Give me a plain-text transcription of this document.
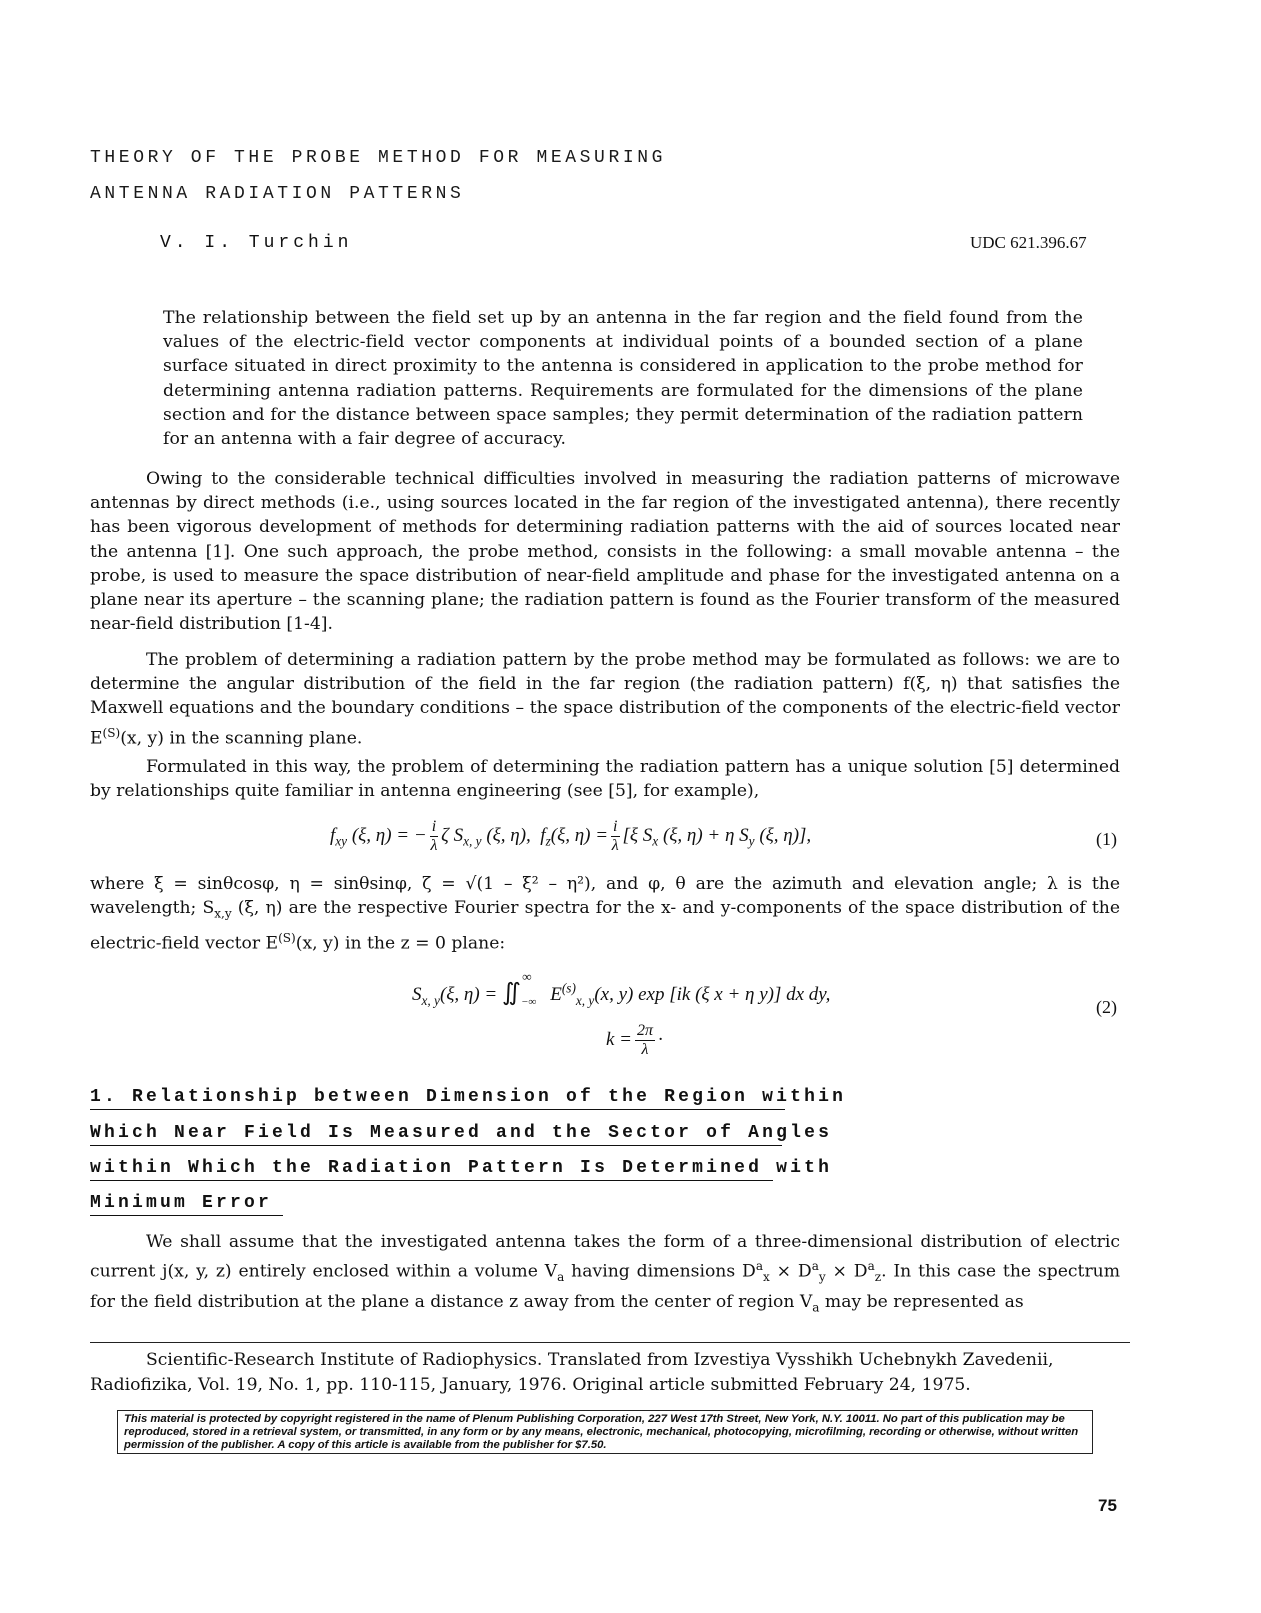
THEORY OF THE PROBE METHOD FOR MEASURING
ANTENNA RADIATION PATTERNS
V. I. Turchin	UDC 621.396.67
The relationship between the field set up by an antenna in the far region and the field found from the values of the electric-field vector components at individual points of a bounded section of a plane surface situated in direct proximity to the antenna is considered in application to the probe method for determining antenna radiation patterns. Requirements are formulated for the dimensions of the plane section and for the distance between space samples; they permit determination of the radiation pattern for an antenna with a fair degree of accuracy.

Owing to the considerable technical difficulties involved in measuring the radiation patterns of microwave antennas by direct methods (i.e., using sources located in the far region of the investigated antenna), there recently has been vigorous development of methods for determining radiation patterns with the aid of sources located near the antenna [1]. One such approach, the probe method, consists in the following: a small movable antenna – the probe, is used to measure the space distribution of near-field amplitude and phase for the investigated antenna on a plane near its aperture – the scanning plane; the radiation pattern is found as the Fourier transform of the measured near-field distribution [1-4].

The problem of determining a radiation pattern by the probe method may be formulated as follows: we are to determine the angular distribution of the field in the far region (the radiation pattern) f(ξ, η) that satisfies the Maxwell equations and the boundary conditions – the space distribution of the components of the electric-field vector $E^{(S)}(x$, y) in the scanning plane.

Formulated in this way, the problem of determining the radiation pattern has a unique solution [5] determined by relationships quite familiar in antenna engineering (see [5], for example),

$f_{xy}$ (ξ, η) = − $\frac{i}{\lambda}$ ζ $S_{x, y}$ (ξ, η),  $f_z(\xi$, $\eta) = \frac{i}{\lambda} [\xi$ $S_x$ (ξ, η) + η $S_y$ (ξ, η)],	(1)
where ξ = sinθcosφ, η = sinθsinφ, ζ = √(1 – ξ² – η²), and φ, θ are the azimuth and elevation angle; λ is the wavelength; $S_{x,y}$ (ξ, η) are the respective Fourier spectra for the x- and y-components of the space distribution of the electric-field vector $E^{(S)}(x$, y) in the z = 0 plane:
$S_{x, y}(\xi$, $\eta) = ∬_{-\infty}^\infty$ $E^{(s)}_{x, y}(x$, y) exp [ik (ξ x + η y)] dx dy,
$k = \frac{2\pi}{\lambda}$ ·
(2)
1. Relationship between Dimension of the Region within
Which Near Field Is Measured and the Sector of Angles
within Which the Radiation Pattern Is Determined with
Minimum Error

We shall assume that the investigated antenna takes the form of a three-dimensional distribution of electric current j(x, y, z) entirely enclosed within a volume $V_a$ having dimensions $D^a_x \times D^a_y \times D^a_z$. In this case the spectrum for the field distribution at the plane a distance z away from the center of region $V_a$ may be represented as

Scientific-Research Institute of Radiophysics. Translated from Izvestiya Vysshikh Uchebnykh Zavedenii,

Radiofizika, Vol. 19, No. 1, pp. 110-115, January, 1976. Original article submitted February 24, 1975.

This material is protected by copyright registered in the name of Plenum Publishing Corporation, 227 West 17th Street, New York, N.Y. 10011. No part of this publication may be reproduced, stored in a retrieval system, or transmitted, in any form or by any means, electronic, mechanical, photocopying, microfilming, recording or otherwise, without written permission of the publisher. A copy of this article is available from the publisher for $7.50.
75
